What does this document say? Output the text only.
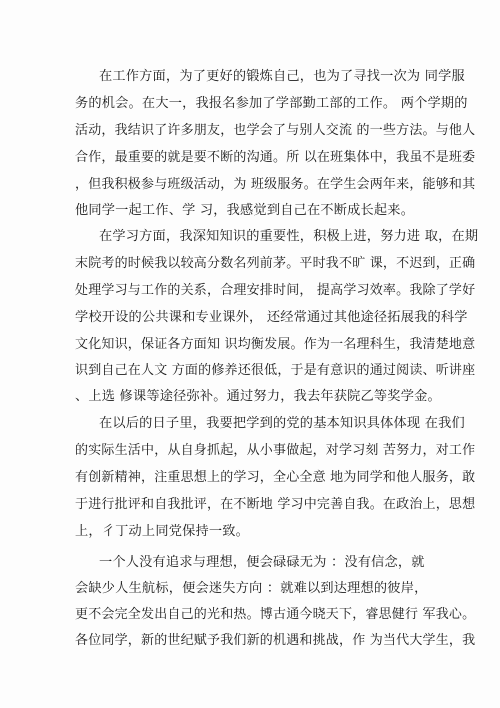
在工作方面，为了更好的锻炼自己，也为了寻找一次为 同学服
务的机会。在大一，我报名参加了学部勤工部的工作。 两个学期的
活动，我结识了许多朋友，也学会了与别人交流 的一些方法。与他人
合作，最重要的就是要不断的沟通。所 以在班集体中，我虽不是班委
，但我积极参与班级活动，为 班级服务。在学生会两年来，能够和其
他同学一起工作、学 习，我感觉到自己在不断成长起来。
在学习方面，我深知知识的重要性，积极上进，努力进 取，在期
末院考的时候我以较高分数名列前茅。平时我不旷 课，不迟到，正确
处理学习与工作的关系，合理安排时间， 提高学习效率。我除了学好
学校开设的公共课和专业课外， 还经常通过其他途径拓展我的科学
文化知识，保证各方面知 识均衡发展。作为一名理科生，我清楚地意
识到自己在人文 方面的修养还很低，于是有意识的通过阅读、听讲座
、上选 修课等途径弥补。通过努力，我去年获院乙等奖学金。
在以后的日子里，我要把学到的党的基本知识具体体现 在我们
的实际生活中，从自身抓起，从小事做起，对学习刻 苦努力，对工作
有创新精神，注重思想上的学习，全心全意 地为同学和他人服务，敢
于进行批评和自我批评，在不断地 学习中完善自我。在政治上，思想
上，彳丁动上同党保持一致。
一个人没有追求与理想，便会碌碌无为 ：没有信念，就
会缺少人生航标，便会迷失方向 ：就难以到达理想的彼岸，
更不会完全发出自己的光和热。博古通今晓天下，睿思健行 军我心。
各位同学，新的世纪赋予我们新的机遇和挑战，作 为当代大学生，我
